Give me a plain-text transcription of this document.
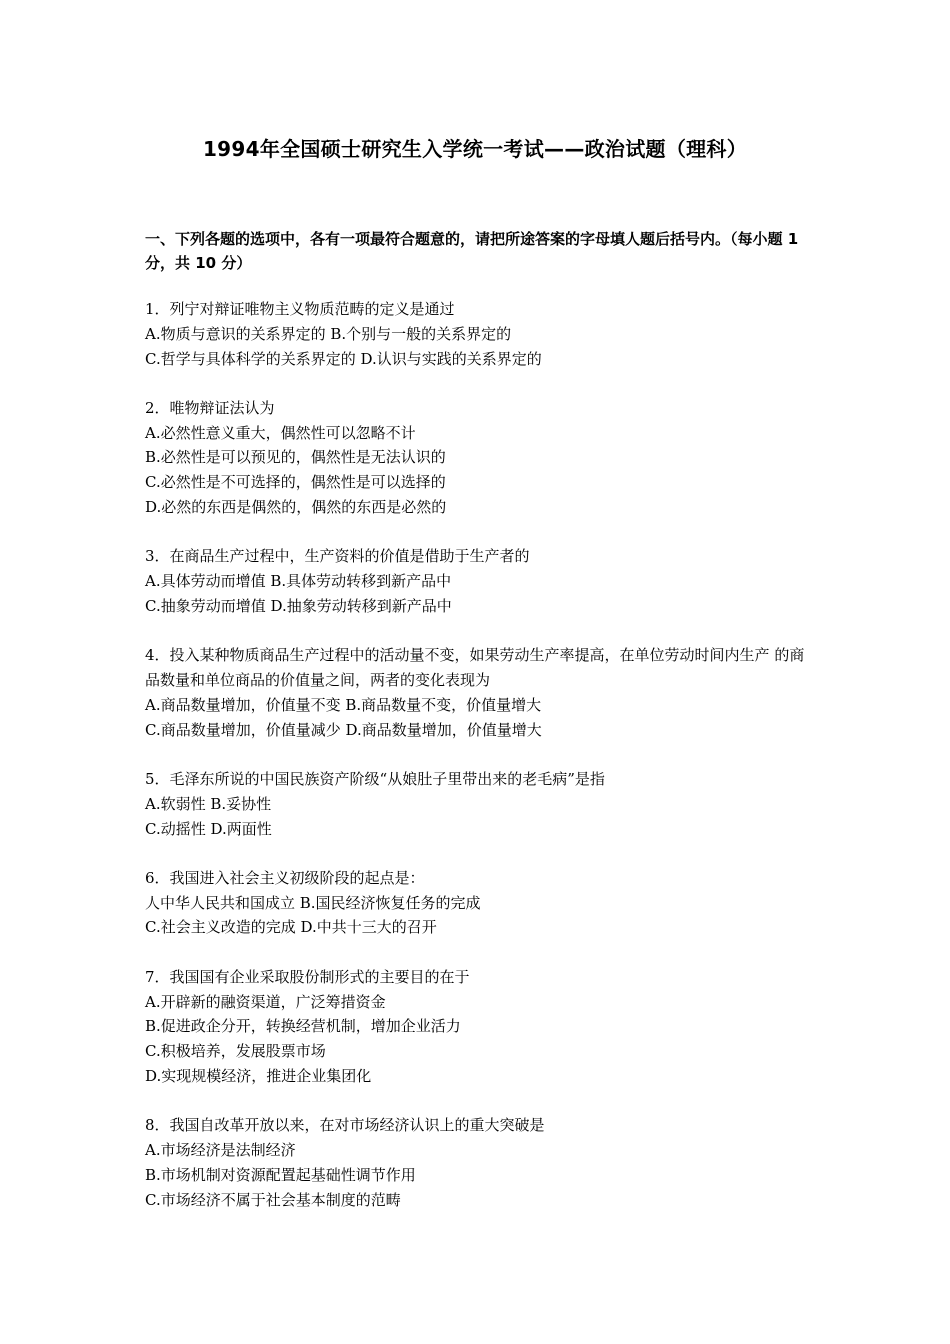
1994年全国硕士研究生入学统一考试——政治试题（理科）
一、下列各题的选项中，各有一项最符合题意的，请把所途答案的字母填人题后括号内。（每小题 1 分，共 10 分）
1．列宁对辩证唯物主义物质范畴的定义是通过
A.物质与意识的关系界定的 B.个别与一般的关系界定的
C.哲学与具体科学的关系界定的 D.认识与实践的关系界定的
2．唯物辩证法认为
A.必然性意义重大，偶然性可以忽略不计
B.必然性是可以预见的，偶然性是无法认识的
C.必然性是不可选择的，偶然性是可以选择的
D.必然的东西是偶然的，偶然的东西是必然的
3．在商品生产过程中，生产资料的价值是借助于生产者的
A.具体劳动而增值 B.具体劳动转移到新产品中
C.抽象劳动而增值 D.抽象劳动转移到新产品中
4．投入某种物质商品生产过程中的活动量不变，如果劳动生产率提高，在单位劳动时间内生产 的商品数量和单位商品的价值量之间，两者的变化表现为
A.商品数量增加，价值量不变 B.商品数量不变，价值量增大
C.商品数量增加，价值量减少 D.商品数量增加，价值量增大
5．毛泽东所说的中国民族资产阶级“从娘肚子里带出来的老毛病”是指
A.软弱性 B.妥协性
C.动摇性 D.两面性
6．我国进入社会主义初级阶段的起点是：
人中华人民共和国成立 B.国民经济恢复任务的完成
C.社会主义改造的完成 D.中共十三大的召开
7．我国国有企业采取股份制形式的主要目的在于
A.开辟新的融资渠道，广泛筹措资金
B.促进政企分开，转换经营机制，增加企业活力
C.积极培养，发展股票市场
D.实现规模经济，推进企业集团化
8．我国自改革开放以来，在对市场经济认识上的重大突破是
A.市场经济是法制经济
B.市场机制对资源配置起基础性调节作用
C.市场经济不属于社会基本制度的范畴
